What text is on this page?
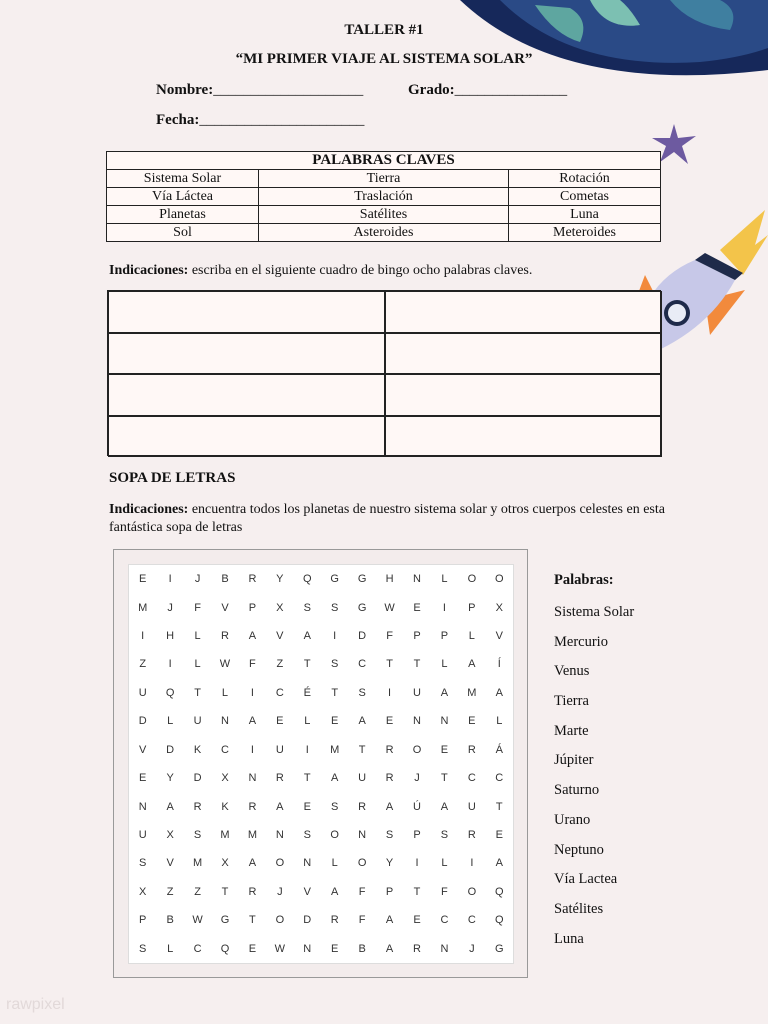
TALLER #1
“MI PRIMER VIAJE AL SISTEMA SOLAR”
Nombre:____________________	Grado:_______________
Fecha:______________________
PALABRAS CLAVES		
Sistema Solar	Tierra	Rotación
Vía Láctea	Traslación	Cometas
Planetas	Satélites	Luna
Sol	Asteroides	Meteroides
Indicaciones: escriba en el siguiente cuadro de bingo ocho palabras claves.
SOPA DE LETRAS
Indicaciones: encuentra todos los planetas de nuestro sistema solar y otros cuerpos celestes en esta fantástica sopa de letras
E	I	J	B	R	Y	Q	G	G	H	N	L	O	O
M	J	F	V	P	X	S	S	G	W	E	I	P	X
I	H	L	R	A	V	A	I	D	F	P	P	L	V
Z	I	L	W	F	Z	T	S	C	T	T	L	A	Í
U	Q	T	L	I	C	É	T	S	I	U	A	M	A
D	L	U	N	A	E	L	E	A	E	N	N	E	L
V	D	K	C	I	U	I	M	T	R	O	E	R	Á
E	Y	D	X	N	R	T	A	U	R	J	T	C	C
N	A	R	K	R	A	E	S	R	A	Ú	A	U	T
U	X	S	M	M	N	S	O	N	S	P	S	R	E
S	V	M	X	A	O	N	L	O	Y	I	L	I	A
X	Z	Z	T	R	J	V	A	F	P	T	F	O	Q
P	B	W	G	T	O	D	R	F	A	E	C	C	Q
S	L	C	Q	E	W	N	E	B	A	R	N	J	G
Palabras:
Sistema Solar
Mercurio
Venus
Tierra
Marte
Júpiter
Saturno
Urano
Neptuno
Vía Lactea
Satélites
Luna
rawpixel
